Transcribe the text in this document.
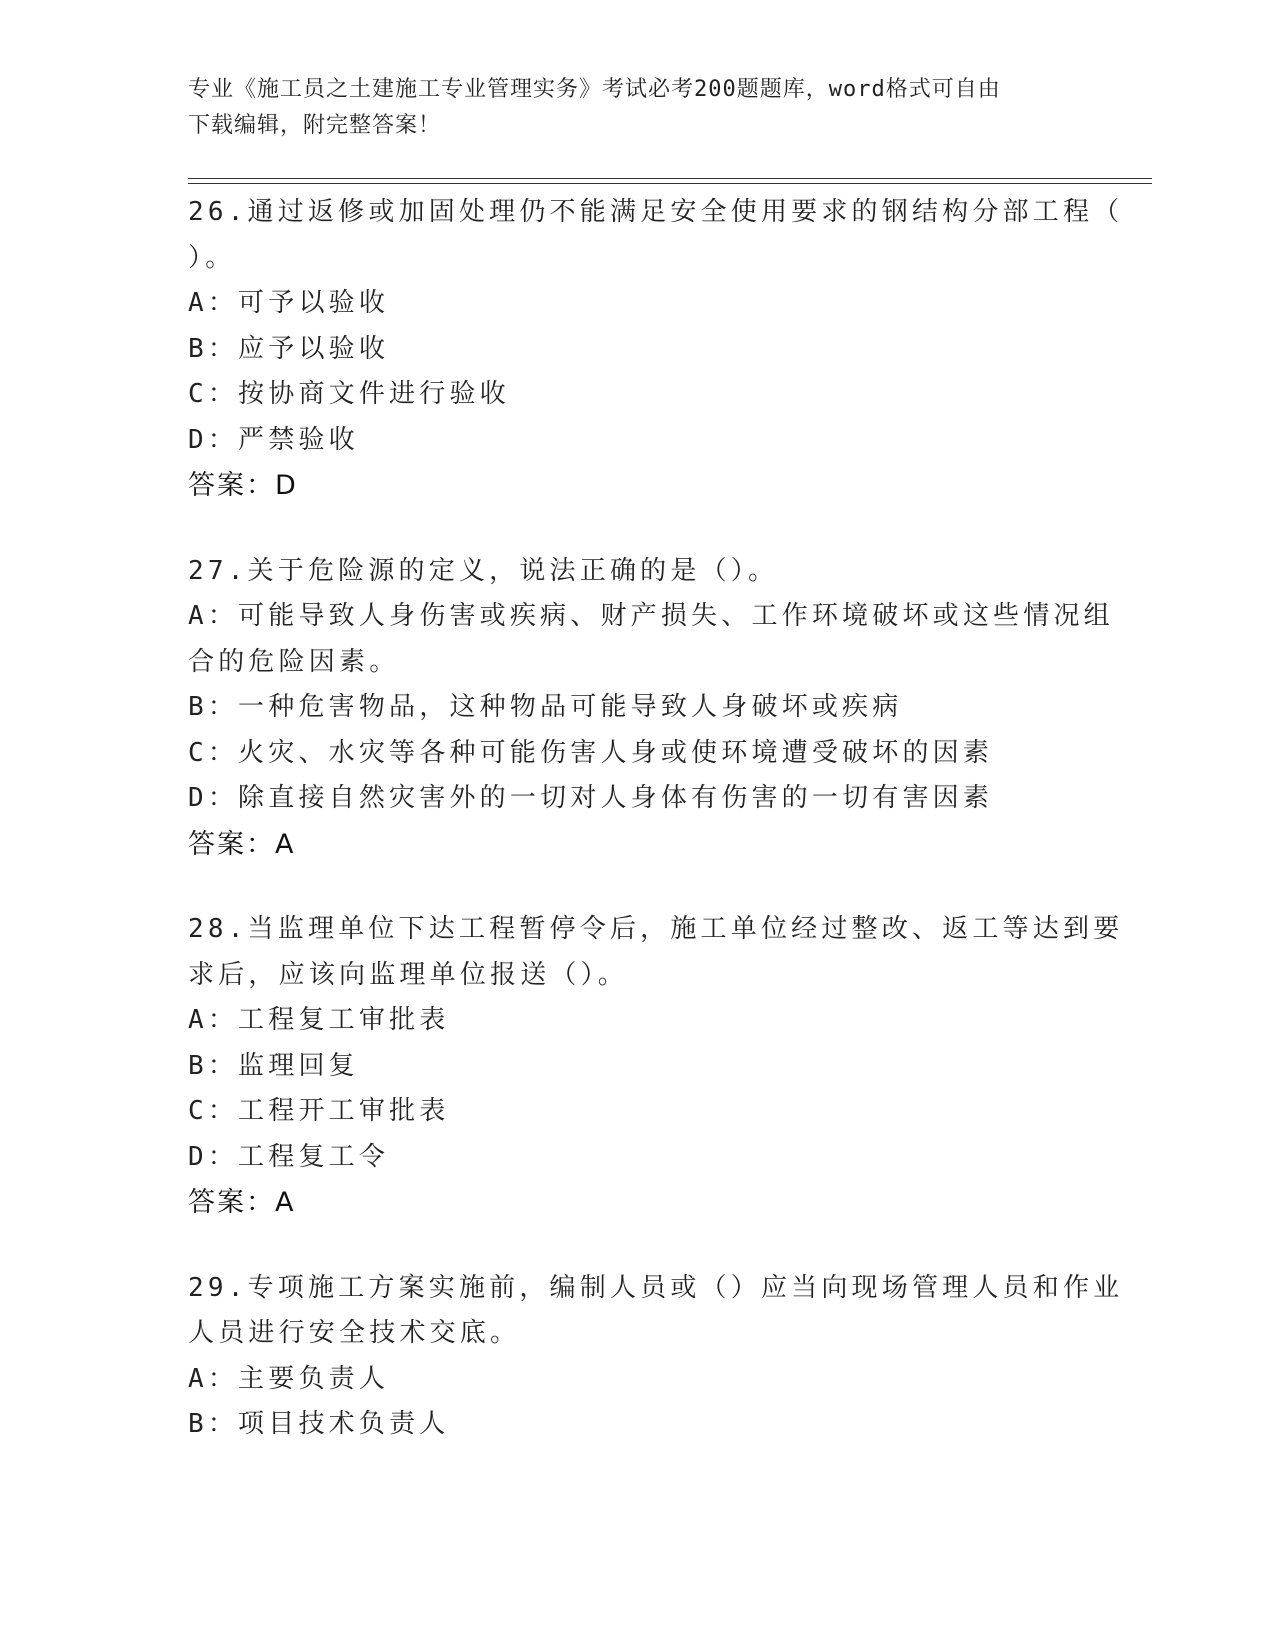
专业《施工员之土建施工专业管理实务》考试必考200题题库，word格式可自由
下载编辑，附完整答案！
26.通过返修或加固处理仍不能满足安全使用要求的钢结构分部工程（
）。
A：可予以验收
B：应予以验收
C：按协商文件进行验收
D：严禁验收
答案：D
27.关于危险源的定义，说法正确的是（）。
A：可能导致人身伤害或疾病、财产损失、工作环境破坏或这些情况组
合的危险因素。
B：一种危害物品，这种物品可能导致人身破坏或疾病
C：火灾、水灾等各种可能伤害人身或使环境遭受破坏的因素
D：除直接自然灾害外的一切对人身体有伤害的一切有害因素
答案：A
28.当监理单位下达工程暂停令后，施工单位经过整改、返工等达到要
求后，应该向监理单位报送（）。
A：工程复工审批表
B：监理回复
C：工程开工审批表
D：工程复工令
答案：A
29.专项施工方案实施前，编制人员或（）应当向现场管理人员和作业
人员进行安全技术交底。
A：主要负责人
B：项目技术负责人
